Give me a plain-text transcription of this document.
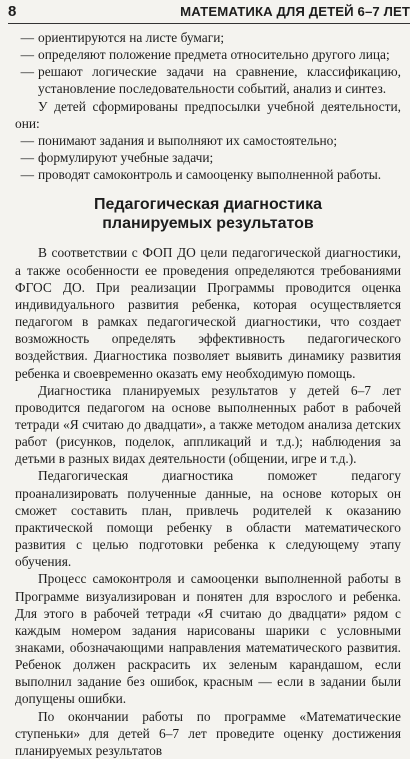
8	МАТЕМАТИКА ДЛЯ ДЕТЕЙ 6–7 ЛЕТ
—
ориентируются на листе бумаги;
—
определяют положение предмета относительно другого лица;
—
решают логические задачи на сравнение, классификацию, установление последовательности событий, анализ и синтез.

У детей сформированы предпосылки учебной деятельности, они:

—
понимают задания и выполняют их самостоятельно;
—
формулируют учебные задачи;
—
проводят самоконтроль и самооценку выполненной работы.
Педагогическая диагностика
планируемых результатов

В соответствии с ФОП ДО цели педагогической диагностики, а также особенности ее проведения определяются требованиями ФГОС ДО. При реализации Программы проводится оценка индивидуального развития ребенка, которая осуществляется педагогом в рамках педагогической диагностики, что создает возможность определять эффективность педагогического воздействия. Диагностика позволяет выявить динамику развития ребенка и своевременно оказать ему необходимую помощь.

Диагностика планируемых результатов у детей 6–7 лет проводится педагогом на основе выполненных работ в рабочей тетради «Я считаю до двадцати», а также методом анализа детских работ (рисунков, поделок, аппликаций и т.д.); наблюдения за детьми в разных видах деятельности (общении, игре и т.д.).

Педагогическая диагностика поможет педагогу проанализировать полученные данные, на основе которых он сможет составить план, привлечь родителей к оказанию практической помощи ребенку в области математического развития с целью подготовки ребенка к следующему этапу обучения.

Процесс самоконтроля и самооценки выполненной работы в Программе визуализирован и понятен для взрослого и ребенка. Для этого в рабочей тетради «Я считаю до двадцати» рядом с каждым номером задания нарисованы шарики с условными знаками, обозначающими направления математического развития. Ребенок должен раскрасить их зеленым карандашом, если выполнил задание без ошибок, красным — если в задании были допущены ошибки.

По окончании работы по программе «Математические ступеньки» для детей 6–7 лет проведите оценку достижения планируемых результатов
